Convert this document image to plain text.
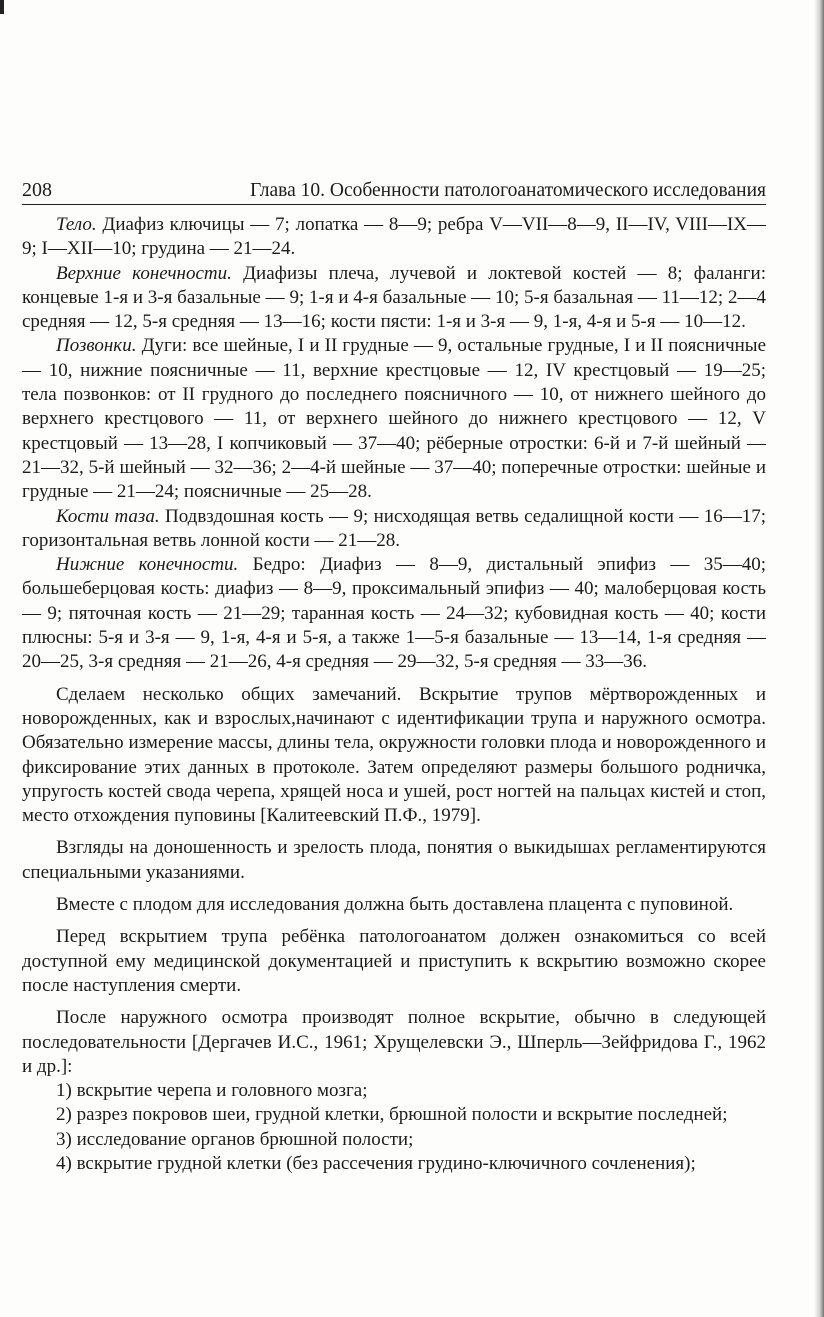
208	Глава 10. Особенности патологоанатомического исследования

Тело. Диафиз ключицы — 7; лопатка — 8—9; ребра V—VII—8—9, II—IV, VIII—IX—9; I—XII—10; грудина — 21—24.

Верхние конечности. Диафизы плеча, лучевой и локтевой костей — 8; фаланги: концевые 1-я и 3-я базальные — 9; 1-я и 4-я базальные — 10; 5-я базальная — 11—12; 2—4 средняя — 12, 5-я средняя — 13—16; кости пясти: 1-я и 3-я — 9, 1-я, 4-я и 5-я — 10—12.

Позвонки. Дуги: все шейные, I и II грудные — 9, остальные грудные, I и II поясничные — 10, нижние поясничные — 11, верхние крестцовые — 12, IV крестцовый — 19—25; тела позвонков: от II грудного до последнего поясничного — 10, от нижнего шейного до верхнего крестцового — 11, от верхнего шейного до нижнего крестцового — 12, V крестцовый — 13—28, I копчиковый — 37—40; рёберные отростки: 6-й и 7-й шейный — 21—32, 5-й шейный — 32—36; 2—4-й шейные — 37—40; поперечные отростки: шейные и грудные — 21—24; поясничные — 25—28.

Кости таза. Подвздошная кость — 9; нисходящая ветвь седалищной кости — 16—17; горизонтальная ветвь лонной кости — 21—28.

Нижние конечности. Бедро: Диафиз — 8—9, дистальный эпифиз — 35—40; большеберцовая кость: диафиз — 8—9, проксимальный эпифиз — 40; малоберцовая кость — 9; пяточная кость — 21—29; таранная кость — 24—32; кубовидная кость — 40; кости плюсны: 5-я и 3-я — 9, 1-я, 4-я и 5-я, а также 1—5-я базальные — 13—14, 1-я средняя — 20—25, 3-я средняя — 21—26, 4-я средняя — 29—32, 5-я средняя — 33—36.

Сделаем несколько общих замечаний. Вскрытие трупов мёртворожденных и новорожденных, как и взрослых,начинают с идентификации трупа и наружного осмотра. Обязательно измерение массы, длины тела, окружности головки плода и новорожденного и фиксирование этих данных в протоколе. Затем определяют размеры большого родничка, упругость костей свода черепа, хрящей носа и ушей, рост ногтей на пальцах кистей и стоп, место отхождения пуповины [Калитеевский П.Ф., 1979].

Взгляды на доношенность и зрелость плода, понятия о выкидышах регламентируются специальными указаниями.

Вместе с плодом для исследования должна быть доставлена плацента с пуповиной.

Перед вскрытием трупа ребёнка патологоанатом должен ознакомиться со всей доступной ему медицинской документацией и приступить к вскрытию возможно скорее после наступления смерти.

После наружного осмотра производят полное вскрытие, обычно в следующей последовательности [Дергачев И.С., 1961; Хрущелевски Э., Шперль—Зейфридова Г., 1962 и др.]:

1) вскрытие черепа и головного мозга;

2) разрез покровов шеи, грудной клетки, брюшной полости и вскрытие последней;

3) исследование органов брюшной полости;

4) вскрытие грудной клетки (без рассечения грудино-ключичного сочленения);
